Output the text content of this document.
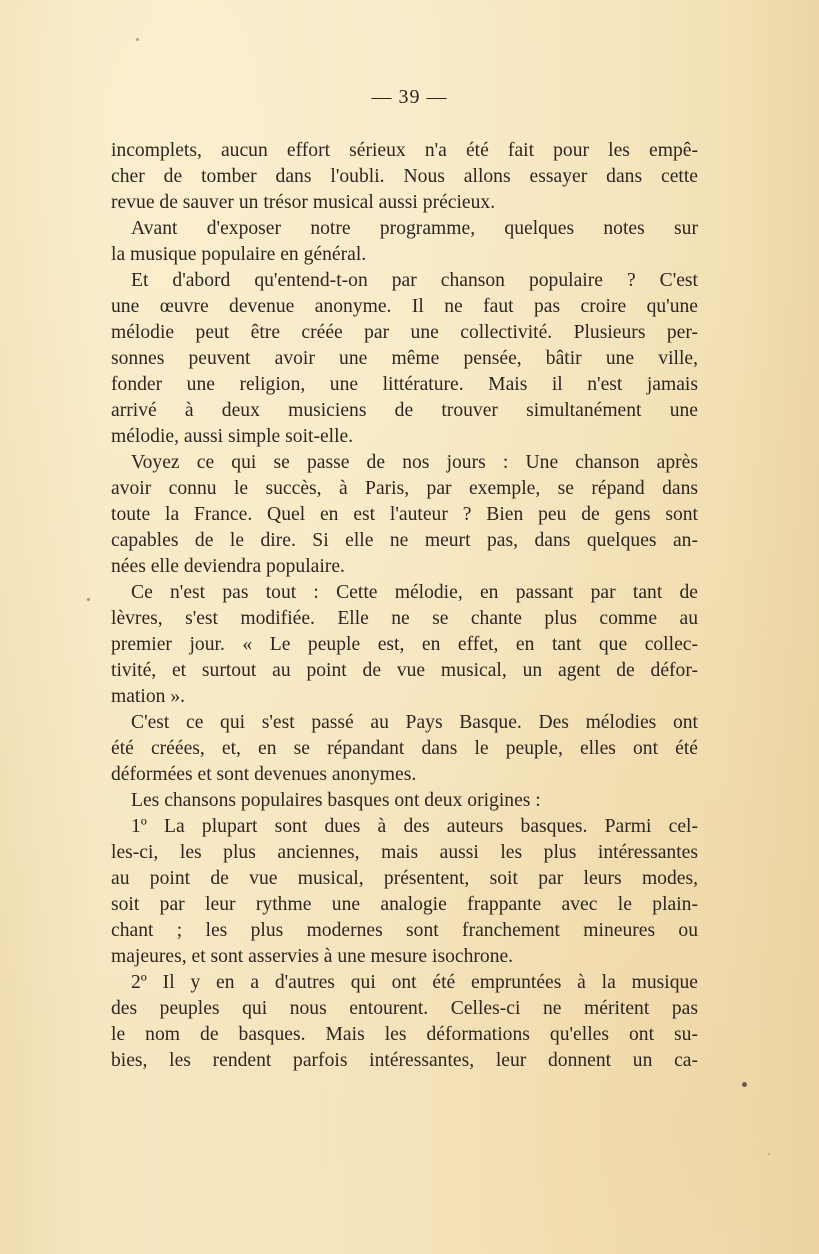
— 39 —
incomplets, aucun effort sérieux n'a été fait pour les empê-
cher de tomber dans l'oubli. Nous allons essayer dans cette
revue de sauver un trésor musical aussi précieux.
Avant d'exposer notre programme, quelques notes sur
la musique populaire en général.
Et d'abord qu'entend-t-on par chanson populaire ? C'est
une œuvre devenue anonyme. Il ne faut pas croire qu'une
mélodie peut être créée par une collectivité. Plusieurs per-
sonnes peuvent avoir une même pensée, bâtir une ville,
fonder une religion, une littérature. Mais il n'est jamais
arrivé à deux musiciens de trouver simultanément une
mélodie, aussi simple soit-elle.
Voyez ce qui se passe de nos jours : Une chanson après
avoir connu le succès, à Paris, par exemple, se répand dans
toute la France. Quel en est l'auteur ? Bien peu de gens sont
capables de le dire. Si elle ne meurt pas, dans quelques an-
nées elle deviendra populaire.
Ce n'est pas tout : Cette mélodie, en passant par tant de
lèvres, s'est modifiée. Elle ne se chante plus comme au
premier jour. « Le peuple est, en effet, en tant que collec-
tivité, et surtout au point de vue musical, un agent de défor-
mation ».
C'est ce qui s'est passé au Pays Basque. Des mélodies ont
été créées, et, en se répandant dans le peuple, elles ont été
déformées et sont devenues anonymes.
Les chansons populaires basques ont deux origines :
1º La plupart sont dues à des auteurs basques. Parmi cel-
les-ci, les plus anciennes, mais aussi les plus intéressantes
au point de vue musical, présentent, soit par leurs modes,
soit par leur rythme une analogie frappante avec le plain-
chant ; les plus modernes sont franchement mineures ou
majeures, et sont asservies à une mesure isochrone.
2º Il y en a d'autres qui ont été empruntées à la musique
des peuples qui nous entourent. Celles-ci ne méritent pas
le nom de basques. Mais les déformations qu'elles ont su-
bies, les rendent parfois intéressantes, leur donnent un ca-
